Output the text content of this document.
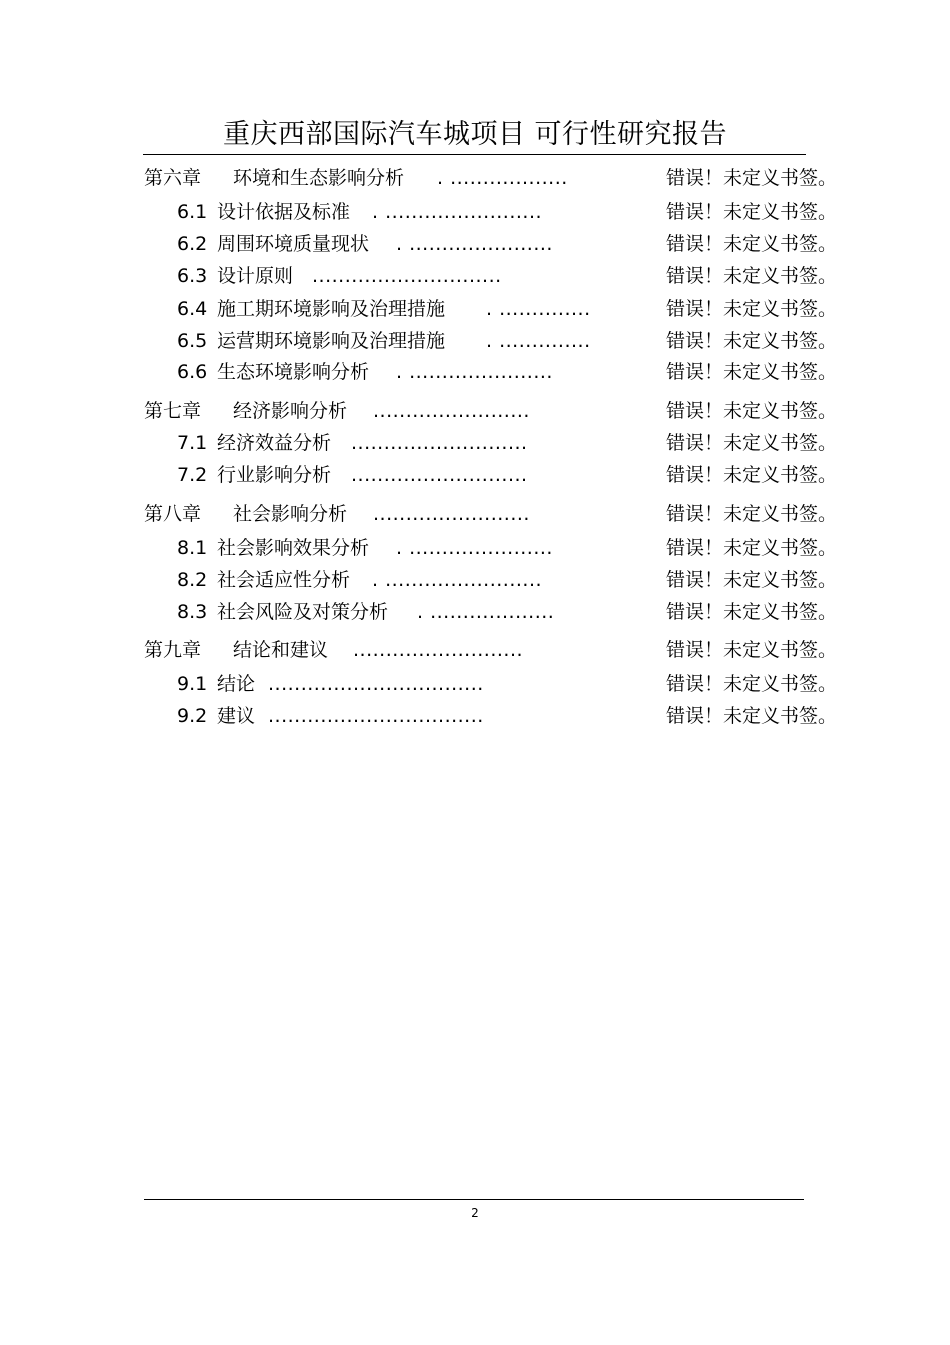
重庆西部国际汽车城项目 可行性研究报告
第六章 环境和生态影响分析 . ..................	错误！未定义书签。
6.1 设计依据及标准 . ........................	错误！未定义书签。
6.2 周围环境质量现状 . ......................	错误！未定义书签。
6.3 设计原则 .............................	错误！未定义书签。
6.4 施工期环境影响及治理措施 . ..............	错误！未定义书签。
6.5 运营期环境影响及治理措施 . ..............	错误！未定义书签。
6.6 生态环境影响分析 . ......................	错误！未定义书签。
第七章 经济影响分析 ........................	错误！未定义书签。
7.1 经济效益分析 ...........................	错误！未定义书签。
7.2 行业影响分析 ...........................	错误！未定义书签。
第八章 社会影响分析 ........................	错误！未定义书签。
8.1 社会影响效果分析 . ......................	错误！未定义书签。
8.2 社会适应性分析 . ........................	错误！未定义书签。
8.3 社会风险及对策分析 . ...................	错误！未定义书签。
第九章 结论和建议 ..........................	错误！未定义书签。
9.1 结论 .................................	错误！未定义书签。
9.2 建议 .................................	错误！未定义书签。
2
